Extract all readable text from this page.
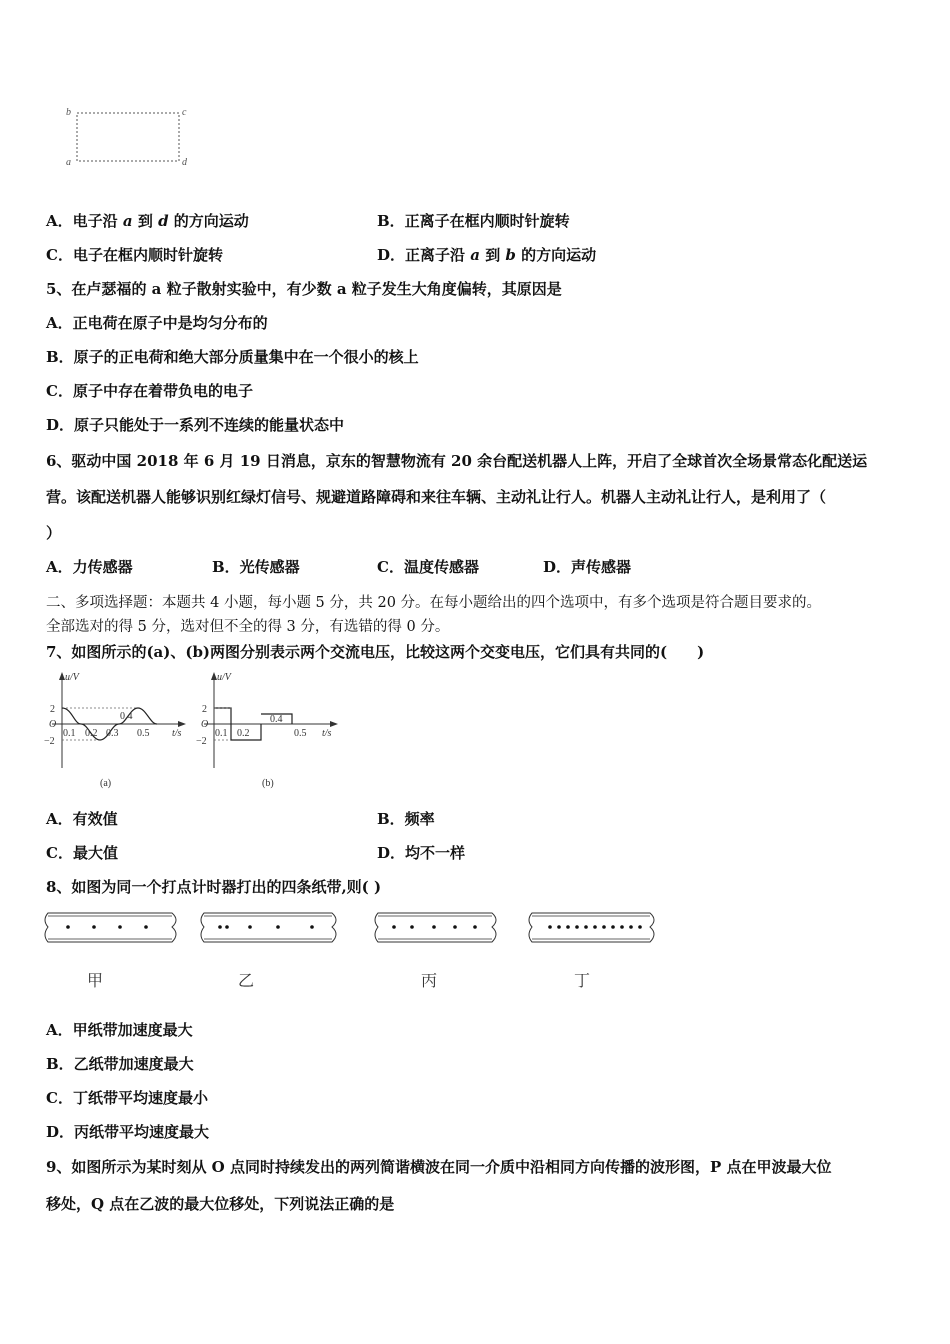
b	c
a	d
A．电子沿 a 到 d 的方向运动	B．正离子在框内顺时针旋转
C．电子在框内顺时针旋转	D．正离子沿 a 到 b 的方向运动
5、在卢瑟福的 a 粒子散射实验中，有少数 a 粒子发生大角度偏转，其原因是
A．正电荷在原子中是均匀分布的
B．原子的正电荷和绝大部分质量集中在一个很小的核上
C．原子中存在着带负电的电子
D．原子只能处于一系列不连续的能量状态中
6、驱动中国 2018 年 6 月 19 日消息，京东的智慧物流有 20 余台配送机器人上阵，开启了全球首次全场景常态化配送运
营。该配送机器人能够识别红绿灯信号、规避道路障碍和来往车辆、主动礼让行人。机器人主动礼让行人，是利用了（
）
A．力传感器	B．光传感器	C．温度传感器	D．声传感器
二、多项选择题：本题共 4 小题，每小题 5 分，共 20 分。在每小题给出的四个选项中，有多个选项是符合题目要求的。
全部选对的得 5 分，选对但不全的得 3 分，有选错的得 0 分。
7、如图所示的(a)、(b)两图分别表示两个交流电压，比较这两个交变电压，它们具有共同的(　　)
u/V
2
O
−2
0.1 0.2 0.3
0.4
0.5 t/s
(a)
u/V
2
O
−2
0.1 0.2
0.4
0.5 t/s
(b)
A．有效值	B．频率
C．最大值	D．均不一样
8、如图为同一个打点计时器打出的四条纸带,则( )
甲	乙	丙	丁
A．甲纸带加速度最大
B．乙纸带加速度最大
C．丁纸带平均速度最小
D．丙纸带平均速度最大
9、如图所示为某时刻从 O 点同时持续发出的两列简谐横波在同一介质中沿相同方向传播的波形图，P 点在甲波最大位
移处，Q 点在乙波的最大位移处，下列说法正确的是
